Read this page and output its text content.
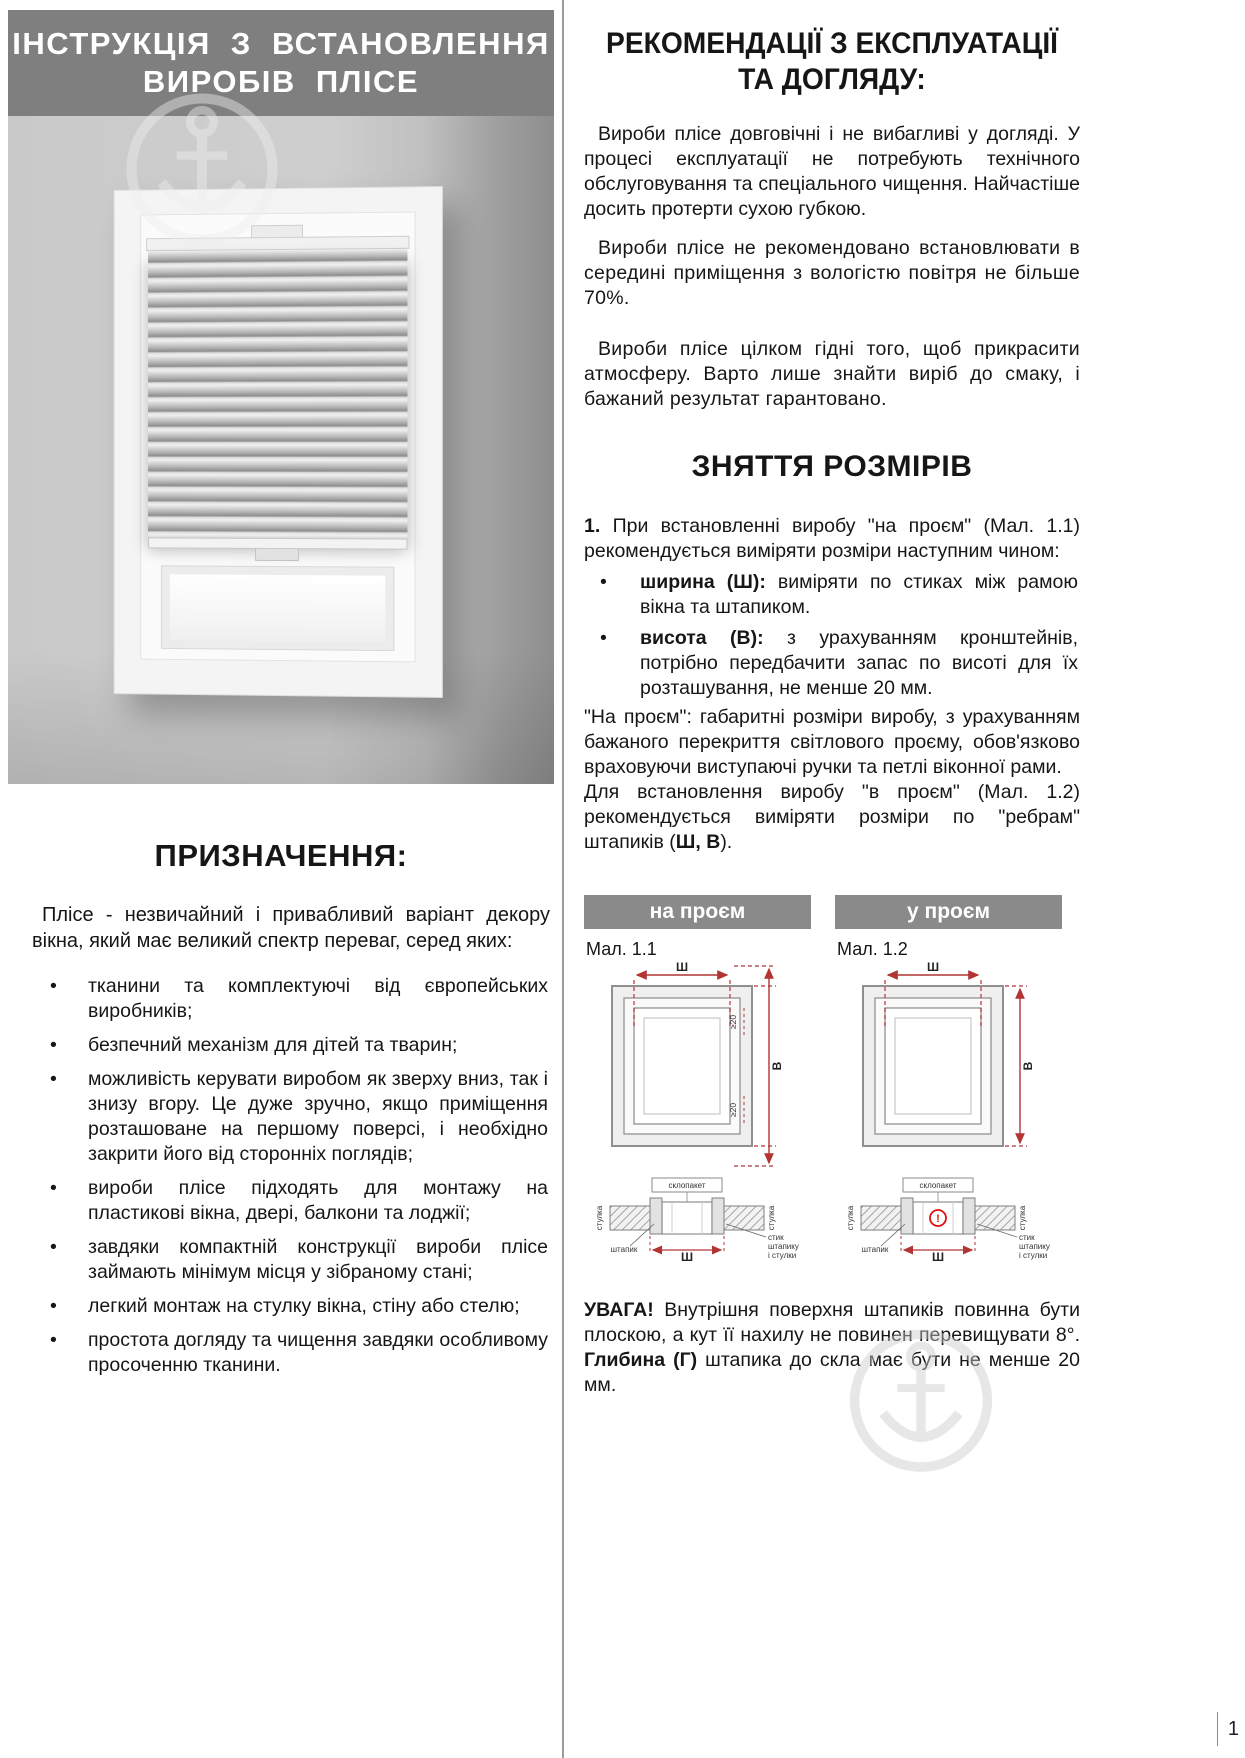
ІНСТРУКЦІЯ З ВСТАНОВЛЕННЯ
ВИРОБІВ ПЛІСЕ
ПРИЗНАЧЕННЯ:

Плісе - незвичайний і привабливий варіант декору вікна, який має великий спектр переваг, серед яких:

• тканини та комплектуючі від європейських виробників;
• безпечний механізм для дітей та тварин;
• можливість керувати виробом як зверху вниз, так і знизу вгору. Це дуже зручно, якщо приміщення розташоване на першому поверсі, і необхідно закрити його від сторонніх поглядів;
• вироби плісе підходять для монтажу на пластикові вікна, двері, балкони та лоджії;
• завдяки компактній конструкції вироби плісе займають мінімум місця у зібраному стані;
• легкий монтаж на стулку вікна, стіну або стелю;
• простота догляду та чищення завдяки особливому просоченню тканини.
РЕКОМЕНДАЦІЇ З ЕКСПЛУАТАЦІЇ
ТА ДОГЛЯДУ:

Вироби плісе довговічні і не вибагливі у догляді. У процесі експлуатації не потребують технічного обслуговування та спеціального чищення. Найчастіше досить протерти сухою губкою.

Вироби плісе не рекомендовано встановлювати в середині приміщення з вологістю повітря не більше 70%.

Вироби плісе цілком гідні того, щоб прикрасити атмосферу. Варто лише знайти виріб до смаку, і бажаний результат гарантовано.

ЗНЯТТЯ РОЗМІРІВ

1. При встановленні виробу "на проєм" (Мал. 1.1) рекомендується виміряти розміри наступним чином:

• ширина (Ш): виміряти по стиках між рамою вікна та штапиком.
• висота (В): з урахуванням кронштейнів, потрібно передбачити запас по висоті для їх розташування, не менше 20 мм.

"На проєм": габаритні розміри виробу, з урахуванням бажаного перекриття світлового проєму, обов'язково враховуючи виступаючі ручки та петлі віконної рами.

Для встановлення виробу "в проєм" (Мал. 1.2) рекомендується виміряти розміри по "ребрам" штапиків (Ш, В).

на проєм
Мал. 1.1
Ш
В
≥20
≥20
склопакет
стулка	стулка
штапик
Ш
стик
штапику
і стулки
у проєм
Мал. 1.2
Ш
В
склопакет
!
стулка	стулка
штапик
Ш
стик
штапику
і стулки

УВАГА! Внутрішня поверхня штапиків повинна бути плоскою, а кут її нахилу не повинен перевищувати 8°. Глибина (Г) штапика до скла має бути не менше 20 мм.

1
